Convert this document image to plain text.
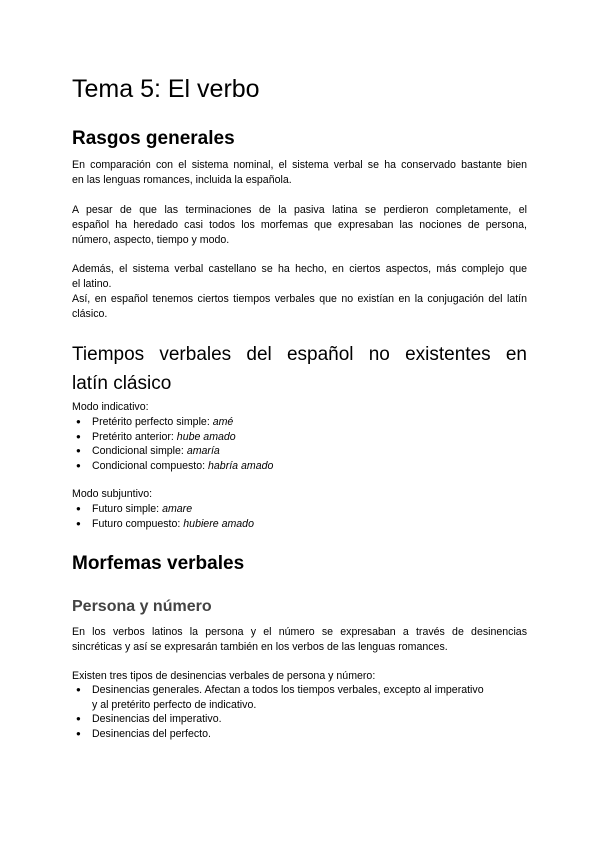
Tema 5: El verbo
Rasgos generales
En comparación con el sistema nominal, el sistema verbal se ha conservado bastante bien
en las lenguas romances, incluida la española.
A pesar de que las terminaciones de la pasiva latina se perdieron completamente, el
español ha heredado casi todos los morfemas que expresaban las nociones de persona,
número, aspecto, tiempo y modo.
Además, el sistema verbal castellano se ha hecho, en ciertos aspectos, más complejo que
el latino.
Así, en español tenemos ciertos tiempos verbales que no existían en la conjugación del latín
clásico.
Tiempos verbales del español no existentes en
latín clásico
Modo indicativo:
● Pretérito perfecto simple: amé
● Pretérito anterior: hube amado
● Condicional simple: amaría
● Condicional compuesto: habría amado
Modo subjuntivo:
● Futuro simple: amare
● Futuro compuesto: hubiere amado
Morfemas verbales
Persona y número
En los verbos latinos la persona y el número se expresaban a través de desinencias
sincréticas y así se expresarán también en los verbos de las lenguas romances.
Existen tres tipos de desinencias verbales de persona y número:
● Desinencias generales. Afectan a todos los tiempos verbales, excepto al imperativo
y al pretérito perfecto de indicativo.
● Desinencias del imperativo.
● Desinencias del perfecto.
